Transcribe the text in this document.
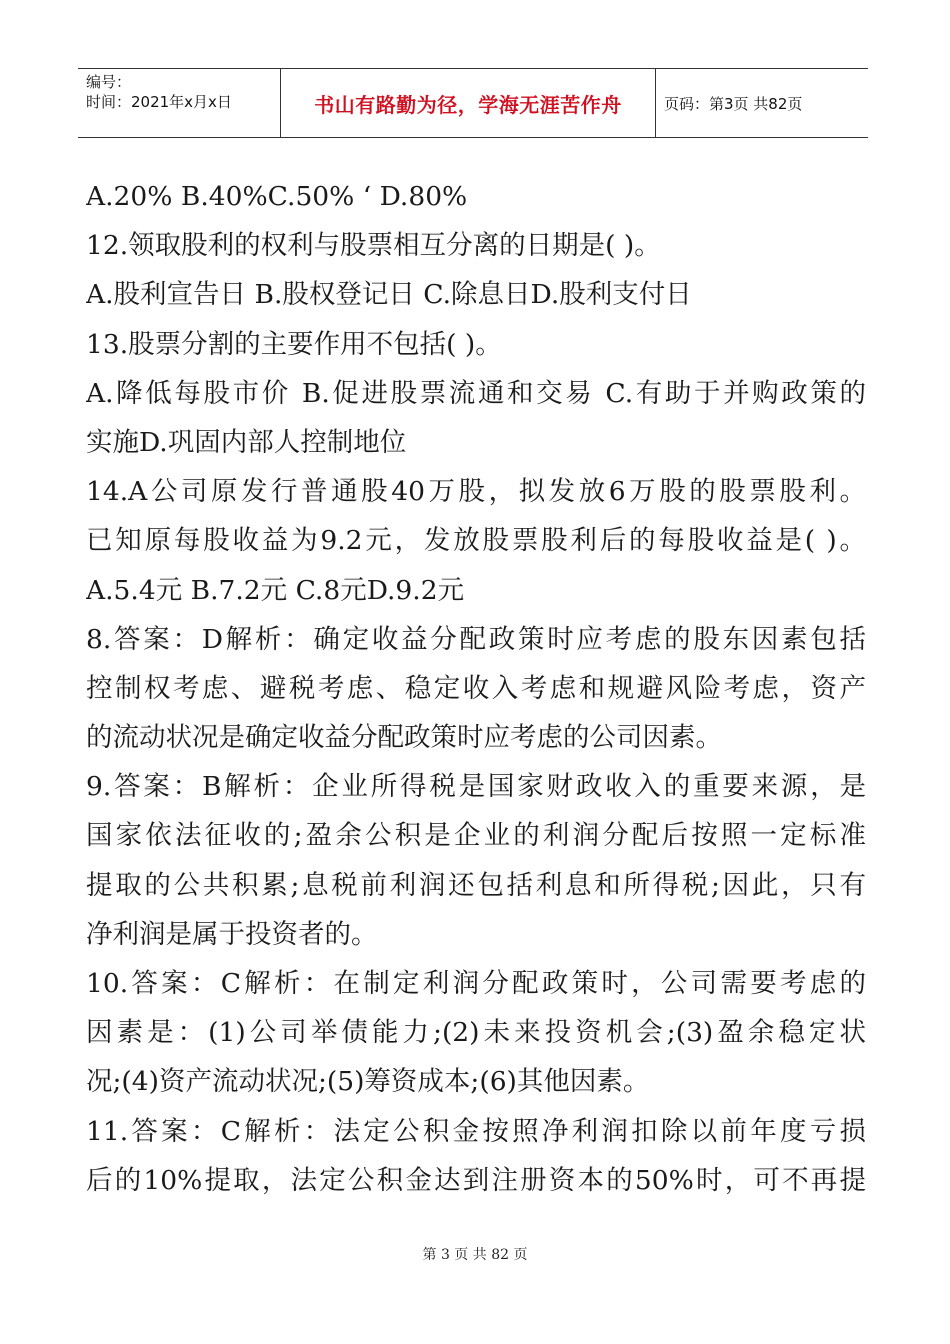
编号：
时间：2021年x月x日	书山有路勤为径，学海无涯苦作舟	页码：第3页 共82页
A.20% B.40%C.50% ‘ D.80%
12.领取股利的权利与股票相互分离的日期是( )。
A.股利宣告日 B.股权登记日 C.除息日D.股利支付日
13.股票分割的主要作用不包括( )。
A.降低每股市价 B.促进股票流通和交易 C.有助于并购政策的
实施D.巩固内部人控制地位
14.A公司原发行普通股40万股，拟发放6万股的股票股利。
已知原每股收益为9.2元，发放股票股利后的每股收益是( )。
A.5.4元 B.7.2元 C.8元D.9.2元
8.答案：D解析：确定收益分配政策时应考虑的股东因素包括
控制权考虑、避税考虑、稳定收入考虑和规避风险考虑，资产
的流动状况是确定收益分配政策时应考虑的公司因素。
9.答案：B解析：企业所得税是国家财政收入的重要来源，是
国家依法征收的;盈余公积是企业的利润分配后按照一定标准
提取的公共积累;息税前利润还包括利息和所得税;因此，只有
净利润是属于投资者的。
10.答案：C解析：在制定利润分配政策时，公司需要考虑的
因素是：(1)公司举债能力;(2)未来投资机会;(3)盈余稳定状
况;(4)资产流动状况;(5)筹资成本;(6)其他因素。
11.答案：C解析：法定公积金按照净利润扣除以前年度亏损
后的10%提取，法定公积金达到注册资本的50%时，可不再提
第 3 页 共 82 页
